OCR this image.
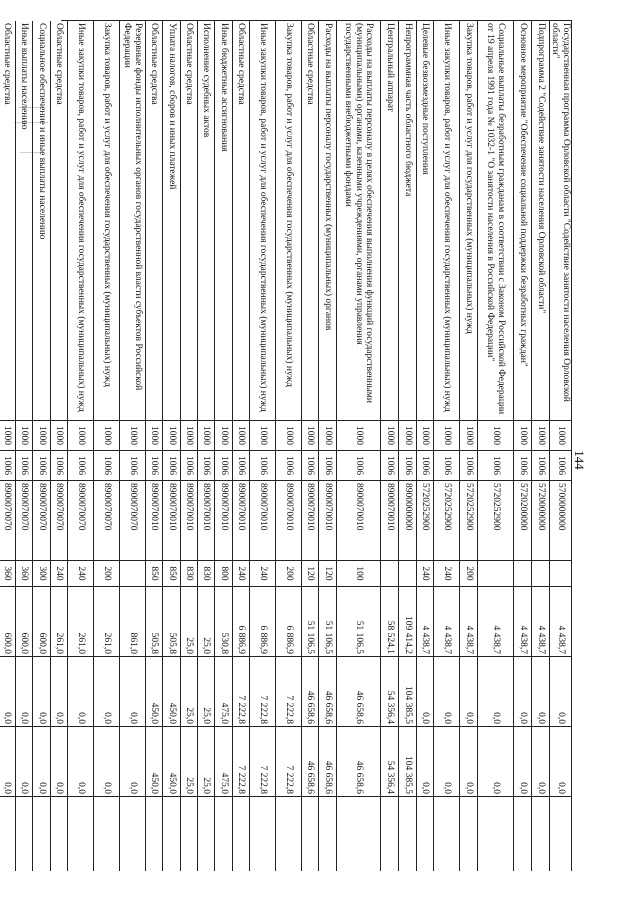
144
Государственная программа Орловской области "Содействие занятости населения Орловской области"
1000
1006
5700000000
4 438,7
0,0
0,0
Подпрограмма 2 "Содействие занятости населения Орловской области"
1000
1006
5720000000
4 438,7
0,0
0,0
Основное мероприятие "Обеспечение социальной поддержки безработных граждан"
1000
1006
5720200000
4 438,7
0,0
0,0
Социальные выплаты безработным гражданам в соответствии с Законом Российской Федерации от 19 апреля 1991 года № 1032-1 "О занятости населения в Российской Федерации"
1000
1006
5720252900
4 438,7
0,0
0,0
Закупка товаров, работ и услуг для государственных (муниципальных) нужд
1000
1006
5720252900
200
4 438,7
0,0
0,0
Иные закупки товаров, работ и услуг для обеспечения государственных (муниципальных) нужд
1000
1006
5720252900
240
4 438,7
0,0
0,0
Целевые безвозмездные поступления
1000
1006
5720252900
240
4 438,7
0,0
0,0
Непрограммная часть областного бюджета
1000
1006
8900000000
109 414,2
104 385,5
104 385,5
Центральный аппарат
1000
1006
8900070010
58 524,1
54 356,4
54 356,4
Расходы на выплаты персоналу в целях обеспечения выполнения функций государственными (муниципальными) органами, казенными учреждениями, органами управления государственными внебюджетными фондами
1000
1006
8900070010
100
51 106,5
46 658,6
46 658,6
Расходы на выплаты персоналу государственных (муниципальных) органов
1000
1006
8900070010
120
51 106,5
46 658,6
46 658,6
Областные средства
1000
1006
8900070010
120
51 106,5
46 658,6
46 658,6
Закупка товаров, работ и услуг для обеспечения государственных (муниципальных) нужд
1000
1006
8900070010
200
6 886,9
7 222,8
7 222,8
Иные закупки товаров, работ и услуг для обеспечения государственных (муниципальных) нужд
1000
1006
8900070010
240
6 886,9
7 222,8
7 222,8
Областные средства
1000
1006
8900070010
240
6 886,9
7 222,8
7 222,8
Иные бюджетные ассигнования
1000
1006
8900070010
800
530,8
475,0
475,0
Исполнение судебных актов
1000
1006
8900070010
830
25,0
25,0
25,0
Областные средства
1000
1006
8900070010
830
25,0
25,0
25,0
Уплата налогов, сборов и иных платежей
1000
1006
8900070010
850
505,8
450,0
450,0
Областные средства
1000
1006
8900070010
850
505,8
450,0
450,0
Резервные фонды исполнительных органов государственной власти субъектов Российской Федерации
1000
1006
8900070070
861,0
0,0
0,0
Закупка товаров, работ и услуг для обеспечения государственных (муниципальных) нужд
1000
1006
8900070070
200
261,0
0,0
0,0
Иные закупки товаров, работ и услуг для обеспечения государственных (муниципальных) нужд
1000
1006
8900070070
240
261,0
0,0
0,0
Областные средства
1000
1006
8900070070
240
261,0
0,0
0,0
Социальное обеспечение и иные выплаты населению
1000
1006
8900070070
300
600,0
0,0
0,0
Иные выплаты населению
1000
1006
8900070070
360
600,0
0,0
0,0
Областные средства
1000
1006
8900070070
360
600,0
0,0
0,0
